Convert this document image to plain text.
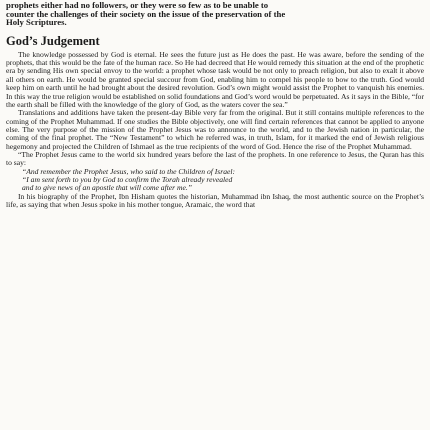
prophets either had no followers, or they were so few as to be unable to

counter the challenges of their society on the issue of the preservation of the

Holy Scriptures.

God’s Judgement

The knowledge possessed by God is eternal. He sees the future just as He does the past. He was aware, before the sending of the prophets, that this would be the fate of the human race. So He had decreed that He would remedy this situation at the end of the prophetic era by sending His own special envoy to the world: a prophet whose task would be not only to preach religion, but also to exalt it above all others on earth. He would be granted special succour from God, enabling him to compel his people to bow to the truth. God would keep him on earth until he had brought about the desired revolution. God’s own might would assist the Prophet to vanquish his enemies. In this way the true religion would be established on solid foundations and God’s word would be perpetuated. As it says in the Bible, “for the earth shall be filled with the knowledge of the glory of God, as the waters cover the sea.”

Translations and additions have taken the present-day Bible very far from the original. But it still contains multiple references to the coming of the Prophet Muhammad. If one studies the Bible objectively, one will find certain references that cannot be applied to anyone else. The very purpose of the mission of the Prophet Jesus was to announce to the world, and to the Jewish nation in particular, the coming of the final prophet. The “New Testament” to which he referred was, in truth, Islam, for it marked the end of Jewish religious hegemony and projected the Children of Ishmael as the true recipients of the word of God. Hence the rise of the Prophet Muhammad.

“The Prophet Jesus came to the world six hundred years before the last of the prophets. In one reference to Jesus, the Quran has this to say:

“And remember the Prophet Jesus, who said to the Children of Israel:

“I am sent forth to you by God to confirm the Torah already revealed

and to give news of an apostle that will come after me.”

In his biography of the Prophet, Ibn Hisham quotes the historian, Muhammad ibn Ishaq, the most authentic source on the Prophet’s life, as saying that when Jesus spoke in his mother tongue, Aramaic, the word that
